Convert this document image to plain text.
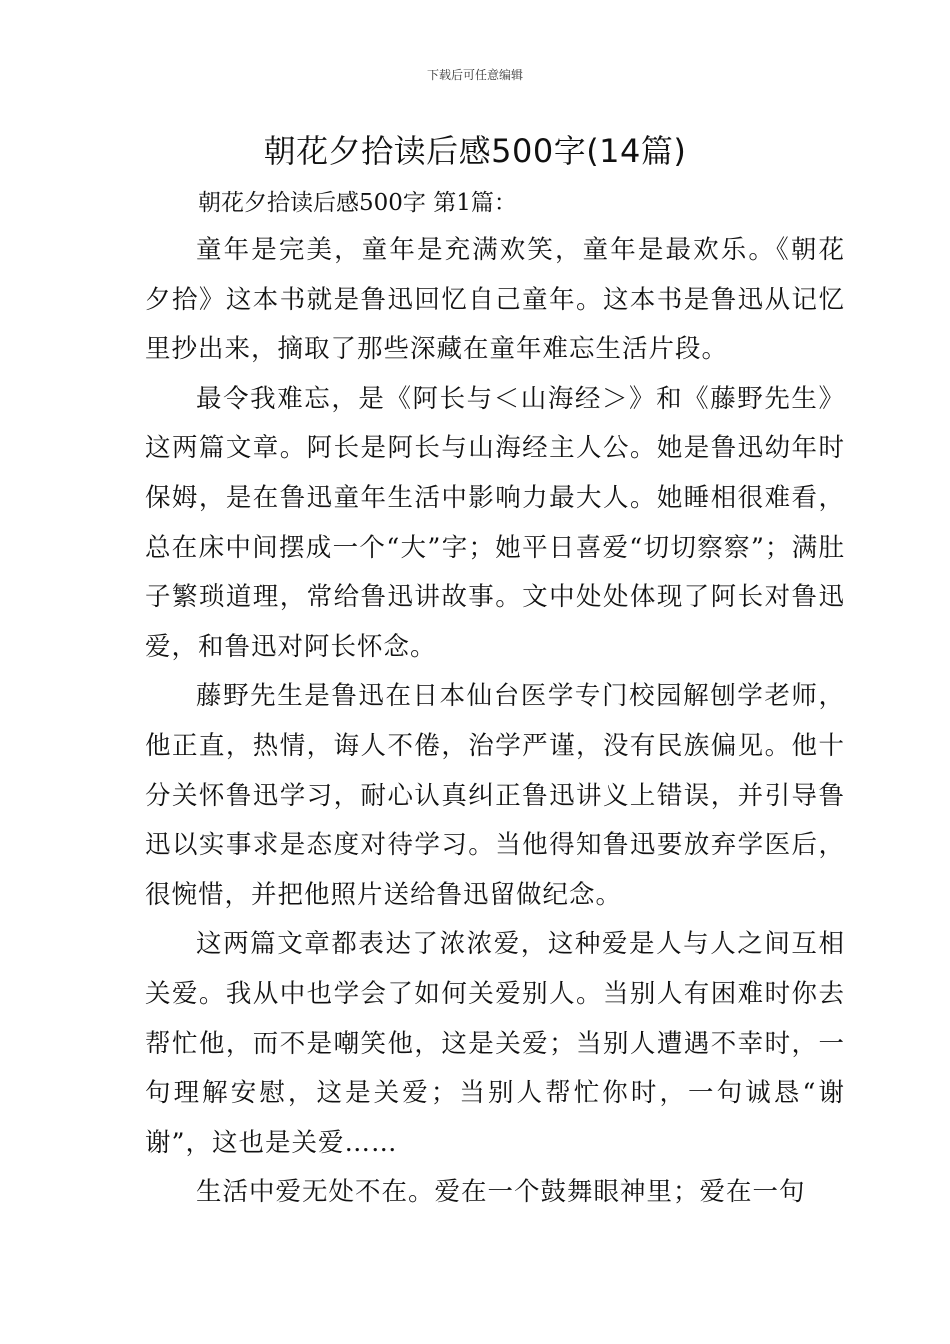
下载后可任意编辑
朝花夕拾读后感500字(14篇)
朝花夕拾读后感500字 第1篇：

童年是完美，童年是充满欢笑，童年是最欢乐。《朝花夕拾》这本书就是鲁迅回忆自己童年。这本书是鲁迅从记忆里抄出来，摘取了那些深藏在童年难忘生活片段。

最令我难忘，是《阿长与＜山海经＞》和《藤野先生》这两篇文章。阿长是阿长与山海经主人公。她是鲁迅幼年时保姆，是在鲁迅童年生活中影响力最大人。她睡相很难看，总在床中间摆成一个“大”字；她平日喜爱“切切察察”；满肚子繁琐道理，常给鲁迅讲故事。文中处处体现了阿长对鲁迅爱，和鲁迅对阿长怀念。

藤野先生是鲁迅在日本仙台医学专门校园解刨学老师，他正直，热情，诲人不倦，治学严谨，没有民族偏见。他十分关怀鲁迅学习，耐心认真纠正鲁迅讲义上错误，并引导鲁迅以实事求是态度对待学习。当他得知鲁迅要放弃学医后，很惋惜，并把他照片送给鲁迅留做纪念。

这两篇文章都表达了浓浓爱，这种爱是人与人之间互相关爱。我从中也学会了如何关爱别人。当别人有困难时你去帮忙他，而不是嘲笑他，这是关爱；当别人遭遇不幸时，一句理解安慰，这是关爱；当别人帮忙你时，一句诚恳“谢谢”，这也是关爱……

生活中爱无处不在。爱在一个鼓舞眼神里；爱在一句
